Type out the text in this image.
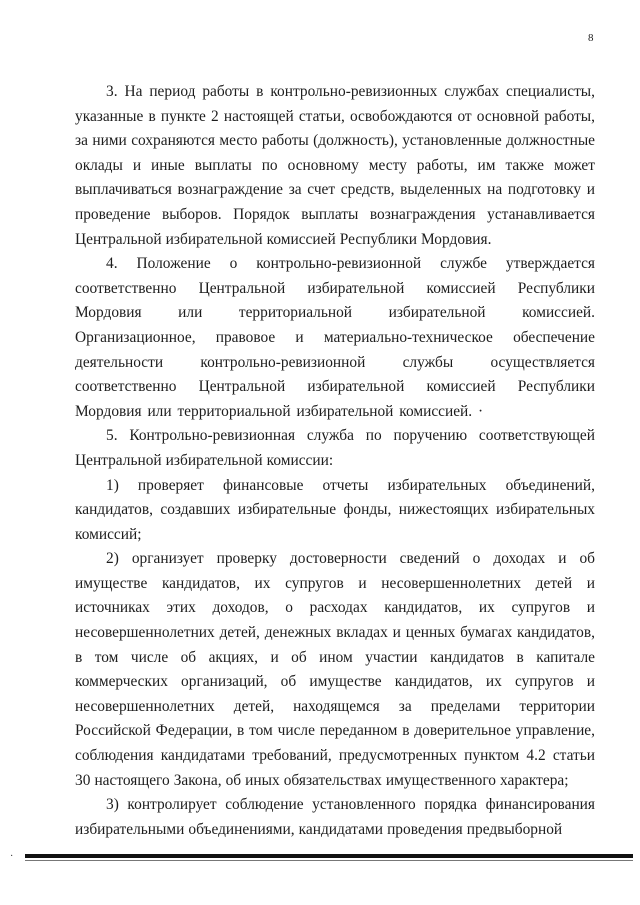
8

3. На период работы в контрольно-ревизионных службах специалисты, указанные в пункте 2 настоящей статьи, освобождаются от основной работы, за ними сохраняются место работы (должность), установленные должностные оклады и иные выплаты по основному месту работы, им также может выплачиваться вознаграждение за счет средств, выделенных на подготовку и проведение выборов. Порядок выплаты вознаграждения устанавливается Центральной избирательной комиссией Республики Мордовия.

4. Положение о контрольно-ревизионной службе утверждается соответственно Центральной избирательной комиссией Республики Мордовия или территориальной избирательной комиссией. Организационное, правовое и материально-техническое обеспечение деятельности контрольно-ревизионной службы осуществляется соответственно Центральной избирательной комиссией Республики Мордовия или территориальной избирательной комиссией. ·

5. Контрольно-ревизионная служба по поручению соответствующей Центральной избирательной комиссии:

1) проверяет финансовые отчеты избирательных объединений, кандидатов, создавших избирательные фонды, нижестоящих избирательных комиссий;

2) организует проверку достоверности сведений о доходах и об имуществе кандидатов, их супругов и несовершеннолетних детей и источниках этих доходов, о расходах кандидатов, их супругов и несовершеннолетних детей, денежных вкладах и ценных бумагах кандидатов, в том числе об акциях, и об ином участии кандидатов в капитале коммерческих организаций, об имуществе кандидатов, их супругов и несовершеннолетних детей, находящемся за пределами территории Российской Федерации, в том числе переданном в доверительное управление, соблюдения кандидатами требований, предусмотренных пунктом 4.2 статьи 30 настоящего Закона, об иных обязательствах имущественного характера;

3) контролирует соблюдение установленного порядка финансирования избирательными объединениями, кандидатами проведения предвыборной

·
